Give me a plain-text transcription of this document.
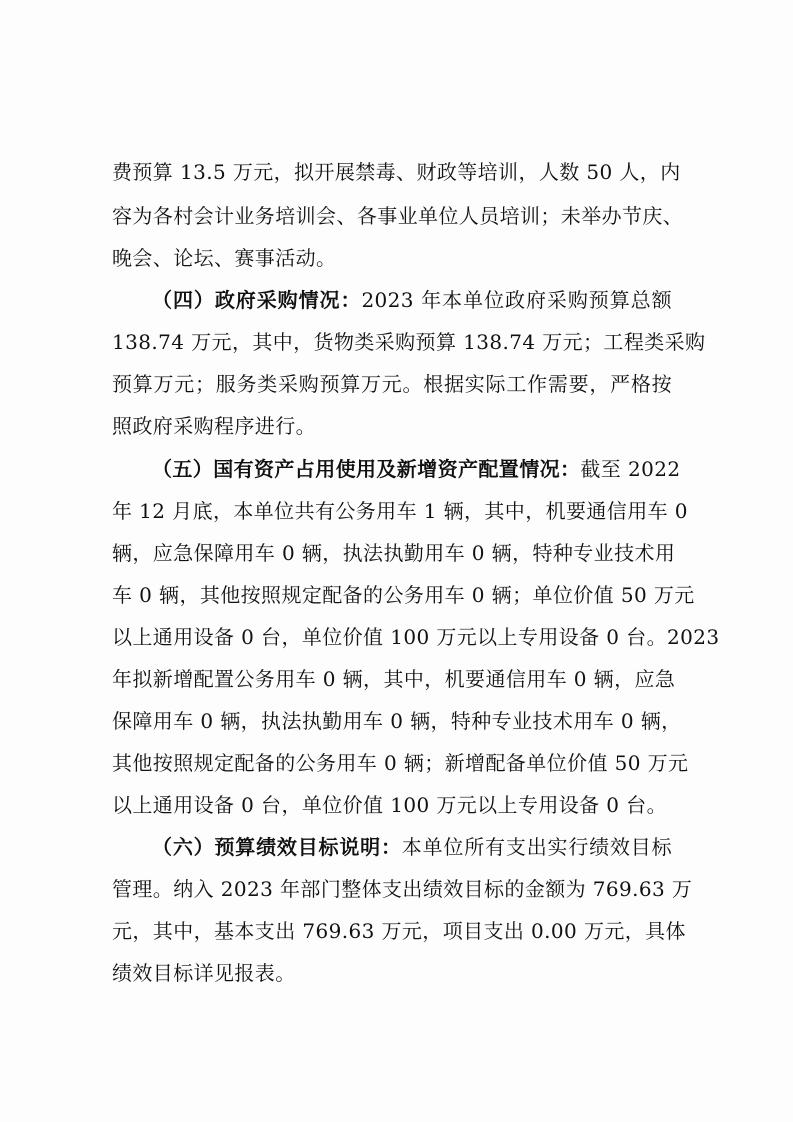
费预算 13.5 万元，拟开展禁毒、财政等培训，人数 50 人，内
容为各村会计业务培训会、各事业单位人员培训；未举办节庆、
晚会、论坛、赛事活动。
（四）政府采购情况：2023 年本单位政府采购预算总额
138.74 万元，其中，货物类采购预算 138.74 万元；工程类采购
预算万元；服务类采购预算万元。根据实际工作需要，严格按
照政府采购程序进行。
（五）国有资产占用使用及新增资产配置情况：截至 2022
年 12 月底，本单位共有公务用车 1 辆，其中，机要通信用车 0
辆，应急保障用车 0 辆，执法执勤用车 0 辆，特种专业技术用
车 0 辆，其他按照规定配备的公务用车 0 辆；单位价值 50 万元
以上通用设备 0 台，单位价值 100 万元以上专用设备 0 台。2023
年拟新增配置公务用车 0 辆，其中，机要通信用车 0 辆，应急
保障用车 0 辆，执法执勤用车 0 辆，特种专业技术用车 0 辆，
其他按照规定配备的公务用车 0 辆；新增配备单位价值 50 万元
以上通用设备 0 台，单位价值 100 万元以上专用设备 0 台。
（六）预算绩效目标说明：本单位所有支出实行绩效目标
管理。纳入 2023 年部门整体支出绩效目标的金额为 769.63 万
元，其中，基本支出 769.63 万元，项目支出 0.00 万元，具体
绩效目标详见报表。
